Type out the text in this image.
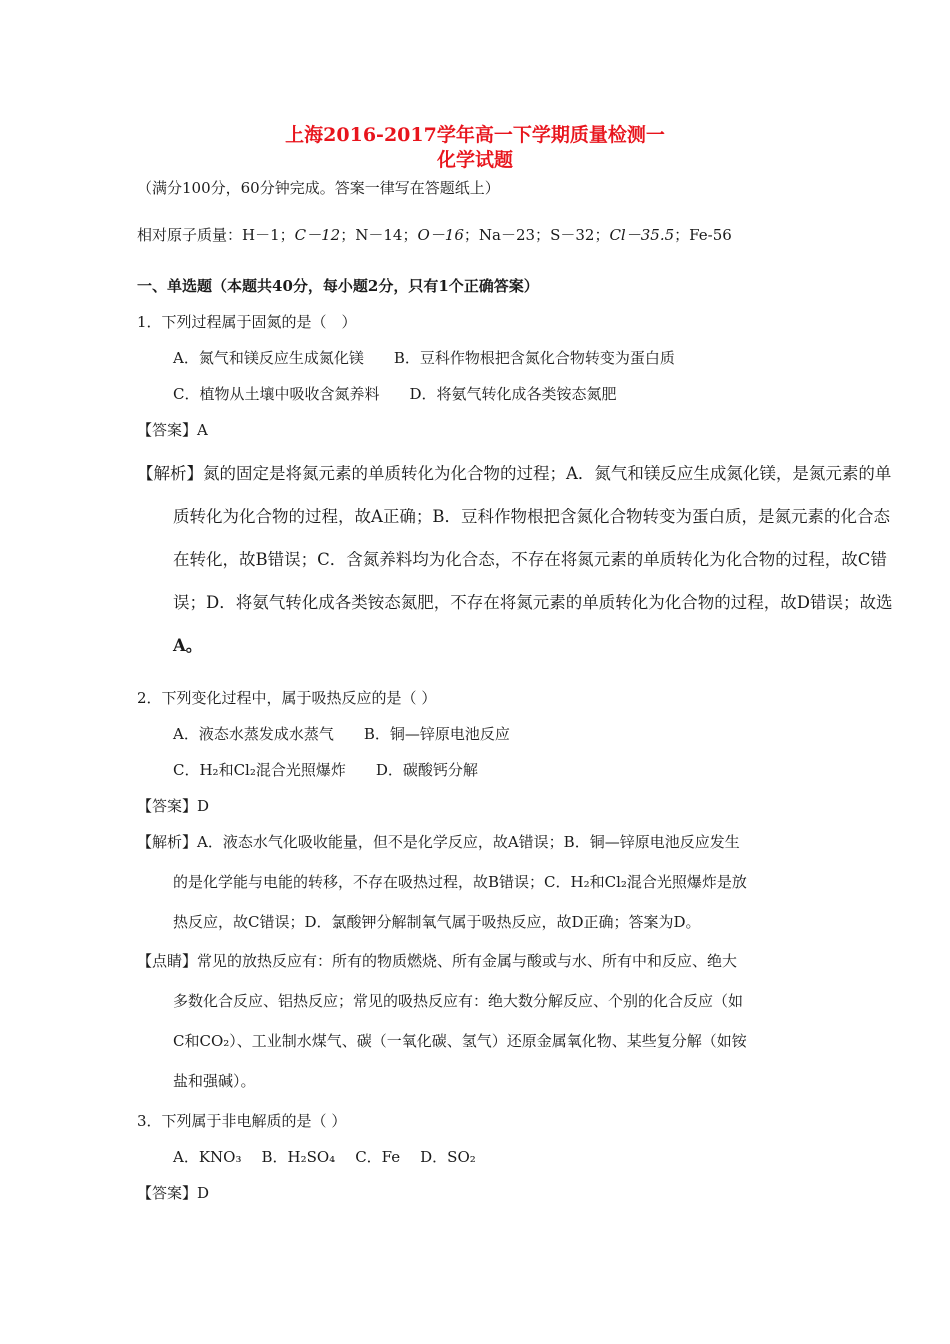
上海2016-2017学年高一下学期质量检测一
化学试题
（满分100分，60分钟完成。答案一律写在答题纸上）
相对原子质量：H－1；C－12；N－14；O－16；Na－23；S－32；Cl－35.5；Fe-56
一、单选题（本题共40分，每小题2分，只有1个正确答案）
1．下列过程属于固氮的是（　）
A．氮气和镁反应生成氮化镁 B．豆科作物根把含氮化合物转变为蛋白质
C．植物从土壤中吸收含氮养料 D．将氨气转化成各类铵态氮肥
【答案】A
【解析】氮的固定是将氮元素的单质转化为化合物的过程；A．氮气和镁反应生成氮化镁，是氮元素的单
质转化为化合物的过程，故A正确；B．豆科作物根把含氮化合物转变为蛋白质，是氮元素的化合态
在转化，故B错误；C．含氮养料均为化合态，不存在将氮元素的单质转化为化合物的过程，故C错
误；D．将氨气转化成各类铵态氮肥，不存在将氮元素的单质转化为化合物的过程，故D错误；故选
A。
2．下列变化过程中，属于吸热反应的是（ ）
A．液态水蒸发成水蒸气 B．铜—锌原电池反应
C．H₂和Cl₂混合光照爆炸 D．碳酸钙分解
【答案】D
【解析】A．液态水气化吸收能量，但不是化学反应，故A错误；B．铜—锌原电池反应发生
的是化学能与电能的转移，不存在吸热过程，故B错误；C．H₂和Cl₂混合光照爆炸是放
热反应，故C错误；D．氯酸钾分解制氧气属于吸热反应，故D正确；答案为D。
【点睛】常见的放热反应有：所有的物质燃烧、所有金属与酸或与水、所有中和反应、绝大
多数化合反应、铝热反应；常见的吸热反应有：绝大数分解反应、个别的化合反应（如
C和CO₂）、工业制水煤气、碳（一氧化碳、氢气）还原金属氧化物、某些复分解（如铵
盐和强碱）。
3．下列属于非电解质的是（ ）
A．KNO₃ B．H₂SO₄ C．Fe D．SO₂
【答案】D
